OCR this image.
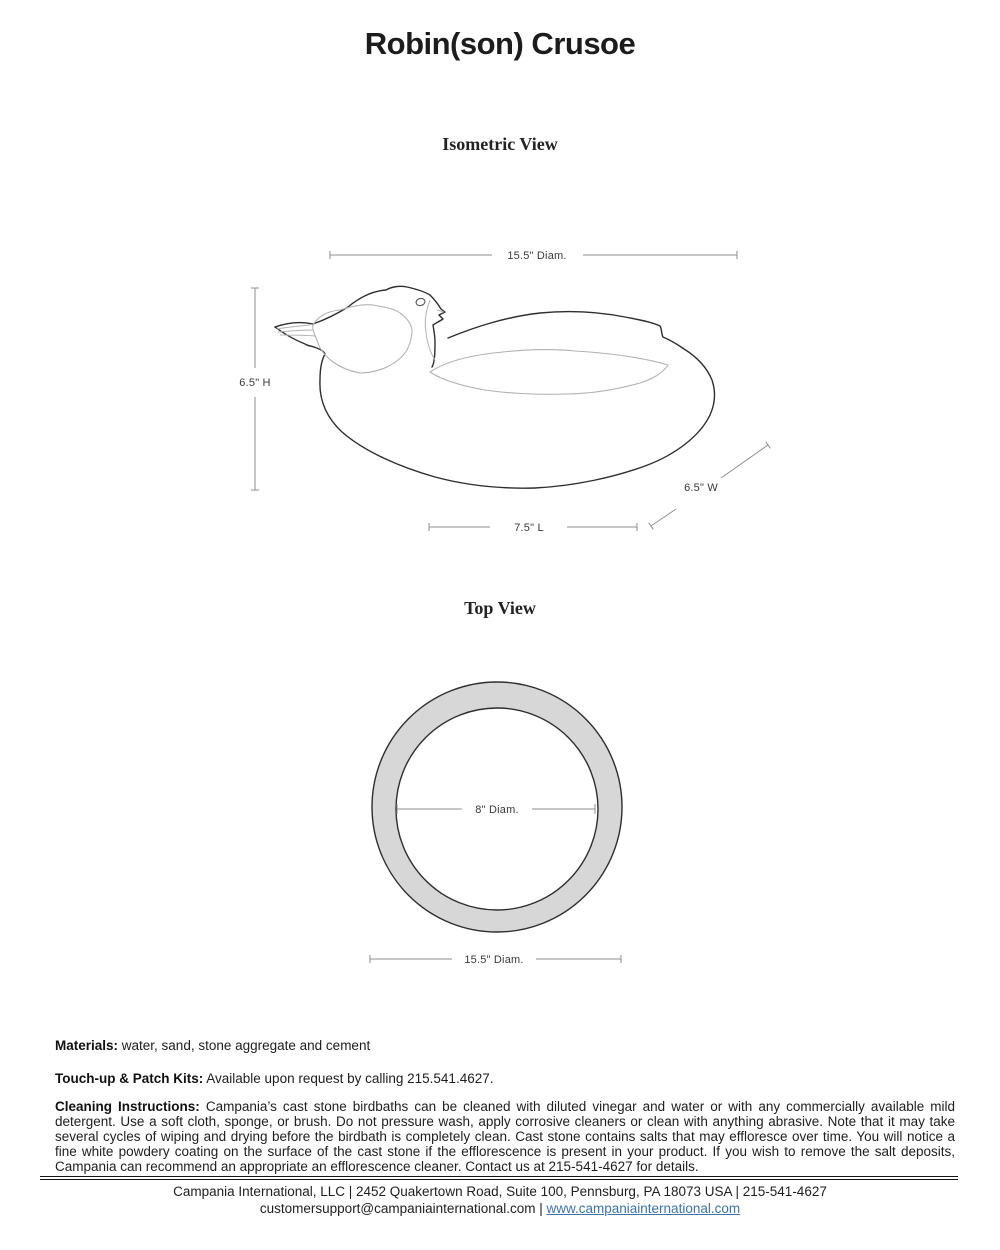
Robin(son) Crusoe
Isometric View
15.5" Diam.
6.5" H
7.5" L
6.5" W
Top View
8" Diam.
15.5" Diam.

Materials: water, sand, stone aggregate and cement

Touch-up & Patch Kits: Available upon request by calling 215.541.4627.

Cleaning Instructions: Campania’s cast stone birdbaths can be cleaned with diluted vinegar and water or with any commercially available mild detergent. Use a soft cloth, sponge, or brush. Do not pressure wash, apply corrosive cleaners or clean with anything abrasive. Note that it may take several cycles of wiping and drying before the birdbath is completely clean. Cast stone contains salts that may effloresce over time. You will notice a fine white powdery coating on the surface of the cast stone if the efflorescence is present in your product. If you wish to remove the salt deposits, Campania can recommend an appropriate an efflorescence cleaner. Contact us at 215-541-4627 for details.

Campania International, LLC | 2452 Quakertown Road, Suite 100, Pennsburg, PA 18073 USA | 215-541-4627
customersupport@campaniainternational.com | www.campaniainternational.com
